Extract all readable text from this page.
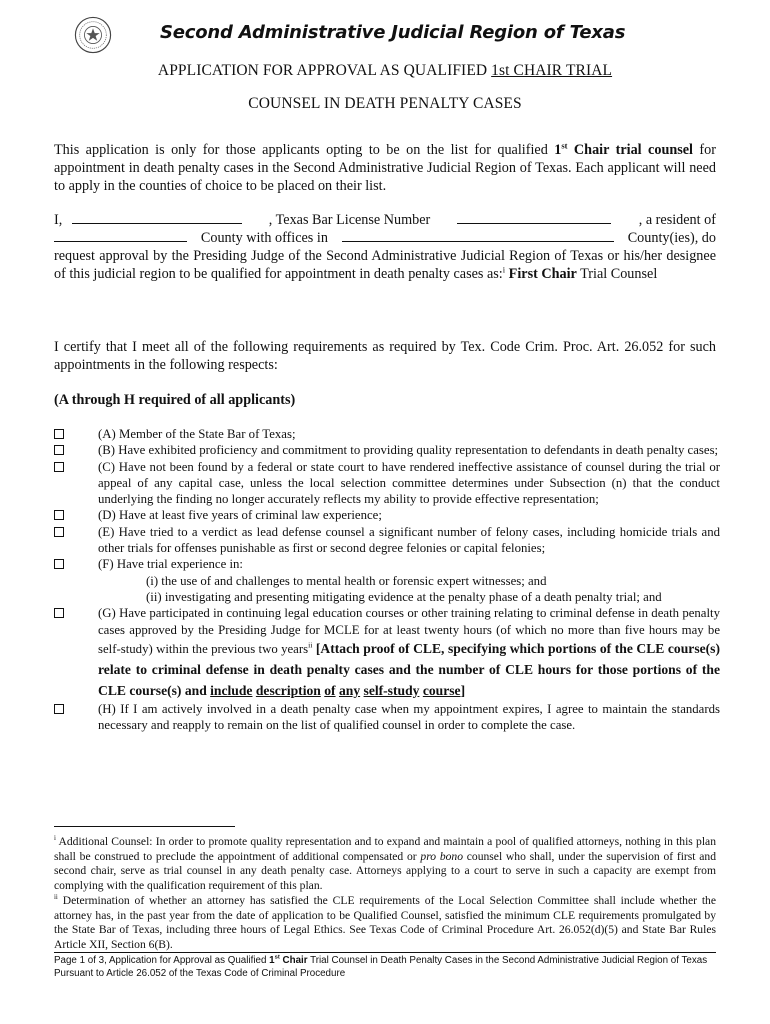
Second Administrative Judicial Region of Texas
APPLICATION FOR APPROVAL AS QUALIFIED 1st CHAIR TRIAL
COUNSEL IN DEATH PENALTY CASES
This application is only for those applicants opting to be on the list for qualified 1st Chair trial counsel for appointment in death penalty cases in the Second Administrative Judicial Region of Texas. Each applicant will need to apply in the counties of choice to be placed on their list.
I,	, Texas Bar License Number	, a resident of
County with offices in	County(ies), do
request approval by the Presiding Judge of the Second Administrative Judicial Region of Texas or his/her designee of this judicial region to be qualified for appointment in death penalty cases as:$^i$ First Chair Trial Counsel
I certify that I meet all of the following requirements as required by Tex. Code Crim. Proc. Art. 26.052 for such appointments in the following respects:
(A through H required of all applicants)
(A) Member of the State Bar of Texas;
(B) Have exhibited proficiency and commitment to providing quality representation to defendants in death penalty cases;
(C) Have not been found by a federal or state court to have rendered ineffective assistance of counsel during the trial or appeal of any capital case, unless the local selection committee determines under Subsection (n) that the conduct underlying the finding no longer accurately reflects my ability to provide effective representation;
(D) Have at least five years of criminal law experience;
(E) Have tried to a verdict as lead defense counsel a significant number of felony cases, including homicide trials and other trials for offenses punishable as first or second degree felonies or capital felonies;
(F) Have trial experience in:
(i) the use of and challenges to mental health or forensic expert witnesses; and
(ii) investigating and presenting mitigating evidence at the penalty phase of a death penalty trial; and
(G) Have participated in continuing legal education courses or other training relating to criminal defense in death penalty cases approved by the Presiding Judge for MCLE for at least twenty hours (of which no more than five hours may be self-study) within the previous two years$^{ii}$ [Attach proof of CLE, specifying which portions of the CLE course(s) relate to criminal defense in death penalty cases and the number of CLE hours for those portions of the CLE course(s) and include description of any self-study course]
(H) If I am actively involved in a death penalty case when my appointment expires, I agree to maintain the standards necessary and reapply to remain on the list of qualified counsel in order to complete the case.
$^i$ Additional Counsel: In order to promote quality representation and to expand and maintain a pool of qualified attorneys, nothing in this plan shall be construed to preclude the appointment of additional compensated or pro bono counsel who shall, under the supervision of first and second chair, serve as trial counsel in any death penalty case. Attorneys applying to a court to serve in such a capacity are exempt from complying with the qualification requirement of this plan.
$^{ii}$ Determination of whether an attorney has satisfied the CLE requirements of the Local Selection Committee shall include whether the attorney has, in the past year from the date of application to be Qualified Counsel, satisfied the minimum CLE requirements promulgated by the State Bar of Texas, including three hours of Legal Ethics. See Texas Code of Criminal Procedure Art. 26.052(d)(5) and State Bar Rules Article XII, Section 6(B).
Page 1 of 3, Application for Approval as Qualified 1st Chair Trial Counsel in Death Penalty Cases in the Second Administrative Judicial Region of Texas Pursuant to Article 26.052 of the Texas Code of Criminal Procedure
